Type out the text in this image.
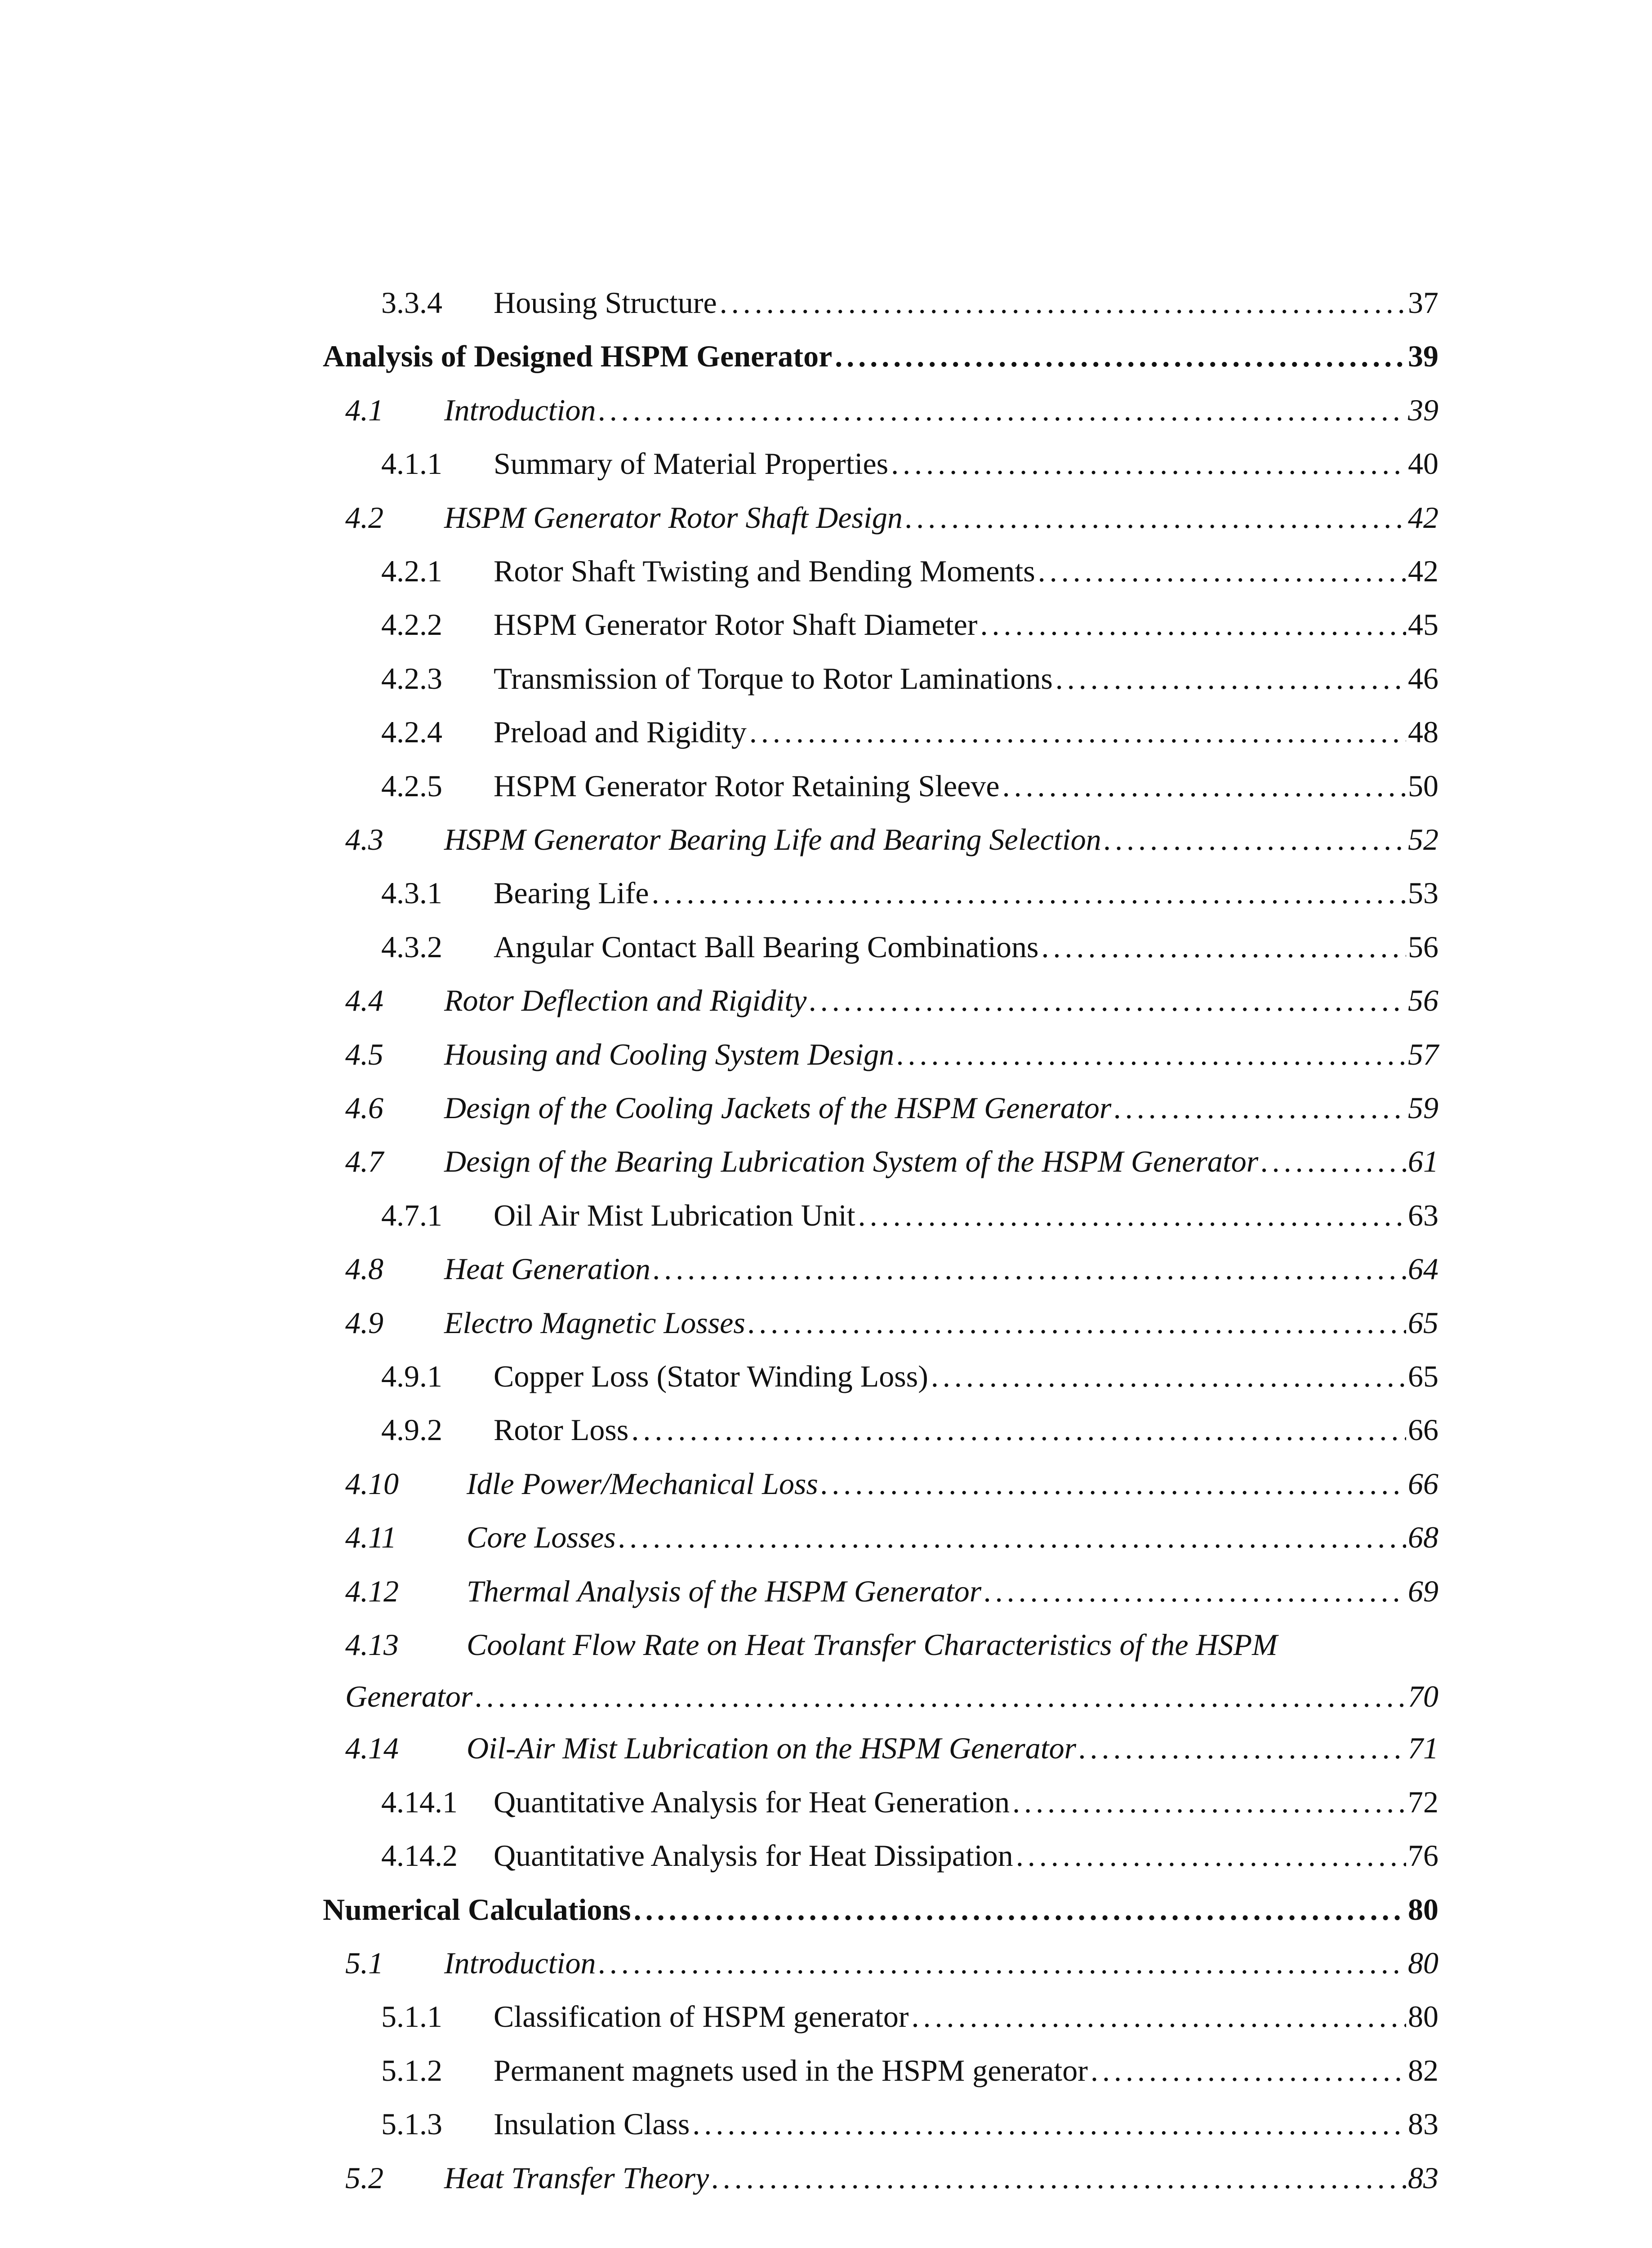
3.3.4	Housing Structure . . .	37
Analysis of Designed HSPM Generator . . .	39
4.1	Introduction . . .	39
4.1.1	Summary of Material Properties . . .	40
4.2	HSPM Generator Rotor Shaft Design . . .	42
4.2.1	Rotor Shaft Twisting and Bending Moments . . .	42
4.2.2	HSPM Generator Rotor Shaft Diameter . . .	45
4.2.3	Transmission of Torque to Rotor Laminations . . .	46
4.2.4	Preload and Rigidity . . .	48
4.2.5	HSPM Generator Rotor Retaining Sleeve . . .	50
4.3	HSPM Generator Bearing Life and Bearing Selection . . .	52
4.3.1	Bearing Life . . .	53
4.3.2	Angular Contact Ball Bearing Combinations . . .	56
4.4	Rotor Deflection and Rigidity . . .	56
4.5	Housing and Cooling System Design . . .	57
4.6	Design of the Cooling Jackets of the HSPM Generator . . .	59
4.7	Design of the Bearing Lubrication System of the HSPM Generator . . .	61
4.7.1	Oil Air Mist Lubrication Unit . . .	63
4.8	Heat Generation . . .	64
4.9	Electro Magnetic Losses . . .	65
4.9.1	Copper Loss (Stator Winding Loss) . . .	65
4.9.2	Rotor Loss . . .	66
4.10	Idle Power/Mechanical Loss . . .	66
4.11	Core Losses . . .	68
4.12	Thermal Analysis of the HSPM Generator . . .	69
4.13 Coolant Flow Rate on Heat Transfer Characteristics of the HSPM
Generator . . .	70
4.14	Oil-Air Mist Lubrication on the HSPM Generator . . .	71
4.14.1	Quantitative Analysis for Heat Generation . . .	72
4.14.2	Quantitative Analysis for Heat Dissipation . . .	76
Numerical Calculations . . .	80
5.1	Introduction . . .	80
5.1.1	Classification of HSPM generator . . .	80
5.1.2	Permanent magnets used in the HSPM generator . . .	82
5.1.3	Insulation Class . . .	83
5.2	Heat Transfer Theory . . .	83
